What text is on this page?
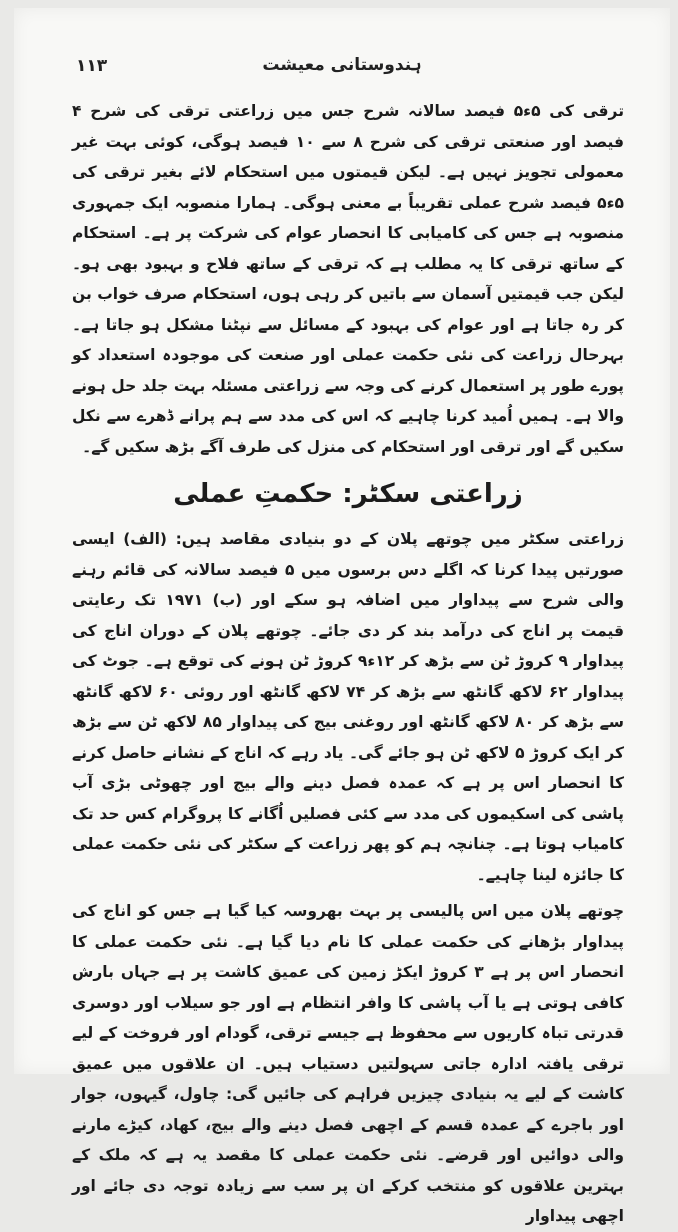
۱۱۳	ہندوستانی معیشت

ترقی کی ۵ء۵ فیصد سالانہ شرح جس میں زراعتی ترقی کی شرح ۴ فیصد اور صنعتی ترقی کی شرح ۸ سے ۱۰ فیصد ہوگی، کوئی بہت غیر معمولی تجویز نہیں ہے۔ لیکن قیمتوں میں استحکام لائے بغیر ترقی کی ۵ء۵ فیصد شرح عملی تقریباً بے معنی ہوگی۔ ہمارا منصوبہ ایک جمہوری منصوبہ ہے جس کی کامیابی کا انحصار عوام کی شرکت پر ہے۔ استحکام کے ساتھ ترقی کا یہ مطلب ہے کہ ترقی کے ساتھ فلاح و بہبود بھی ہو۔ لیکن جب قیمتیں آسمان سے باتیں کر رہی ہوں، استحکام صرف خواب بن کر رہ جاتا ہے اور عوام کی بہبود کے مسائل سے نپٹنا مشکل ہو جاتا ہے۔ بہرحال زراعت کی نئی حکمت عملی اور صنعت کی موجودہ استعداد کو پورے طور پر استعمال کرنے کی وجہ سے زراعتی مسئلہ بہت جلد حل ہونے والا ہے۔ ہمیں اُمید کرنا چاہیے کہ اس کی مدد سے ہم پرانے ڈھرے سے نکل سکیں گے اور ترقی اور استحکام کی منزل کی طرف آگے بڑھ سکیں گے۔

زراعتی سکٹر: حکمتِ عملی

زراعتی سکٹر میں چوتھے پلان کے دو بنیادی مقاصد ہیں: (الف) ایسی صورتیں پیدا کرنا کہ اگلے دس برسوں میں ۵ فیصد سالانہ کی قائم رہنے والی شرح سے پیداوار میں اضافہ ہو سکے اور (ب) ۱۹۷۱ تک رعایتی قیمت پر اناج کی درآمد بند کر دی جائے۔ چوتھے پلان کے دوران اناج کی پیداوار ۹ کروڑ ٹن سے بڑھ کر ۱۲ء۹ کروڑ ٹن ہونے کی توقع ہے۔ جوٹ کی پیداوار ۶۲ لاکھ گانٹھ سے بڑھ کر ۷۴ لاکھ گانٹھ اور روئی ۶۰ لاکھ گانٹھ سے بڑھ کر ۸۰ لاکھ گانٹھ اور روغنی بیج کی پیداوار ۸۵ لاکھ ٹن سے بڑھ کر ایک کروڑ ۵ لاکھ ٹن ہو جائے گی۔ یاد رہے کہ اناج کے نشانے حاصل کرنے کا انحصار اس پر ہے کہ عمدہ فصل دینے والے بیج اور چھوٹی بڑی آب پاشی کی اسکیموں کی مدد سے کئی فصلیں اُگانے کا پروگرام کس حد تک کامیاب ہوتا ہے۔ چنانچہ ہم کو پھر زراعت کے سکٹر کی نئی حکمت عملی کا جائزہ لینا چاہیے۔

چوتھے پلان میں اس پالیسی پر بہت بھروسہ کیا گیا ہے جس کو اناج کی پیداوار بڑھانے کی حکمت عملی کا نام دیا گیا ہے۔ نئی حکمت عملی کا انحصار اس پر ہے ۳ کروڑ ایکڑ زمین کی عمیق کاشت پر ہے جہاں بارش کافی ہوتی ہے یا آب پاشی کا وافر انتظام ہے اور جو سیلاب اور دوسری قدرتی تباہ کاریوں سے محفوظ ہے جیسے ترقی، گودام اور فروخت کے لیے ترقی یافتہ ادارہ جاتی سہولتیں دستیاب ہیں۔ ان علاقوں میں عمیق کاشت کے لیے یہ بنیادی چیزیں فراہم کی جائیں گی: چاول، گیہوں، جوار اور باجرے کے عمدہ قسم کے اچھی فصل دینے والے بیج، کھاد، کیڑے مارنے والی دوائیں اور قرضے۔ نئی حکمت عملی کا مقصد یہ ہے کہ ملک کے بہترین علاقوں کو منتخب کرکے ان پر سب سے زیادہ توجہ دی جائے اور اچھی پیداوار
